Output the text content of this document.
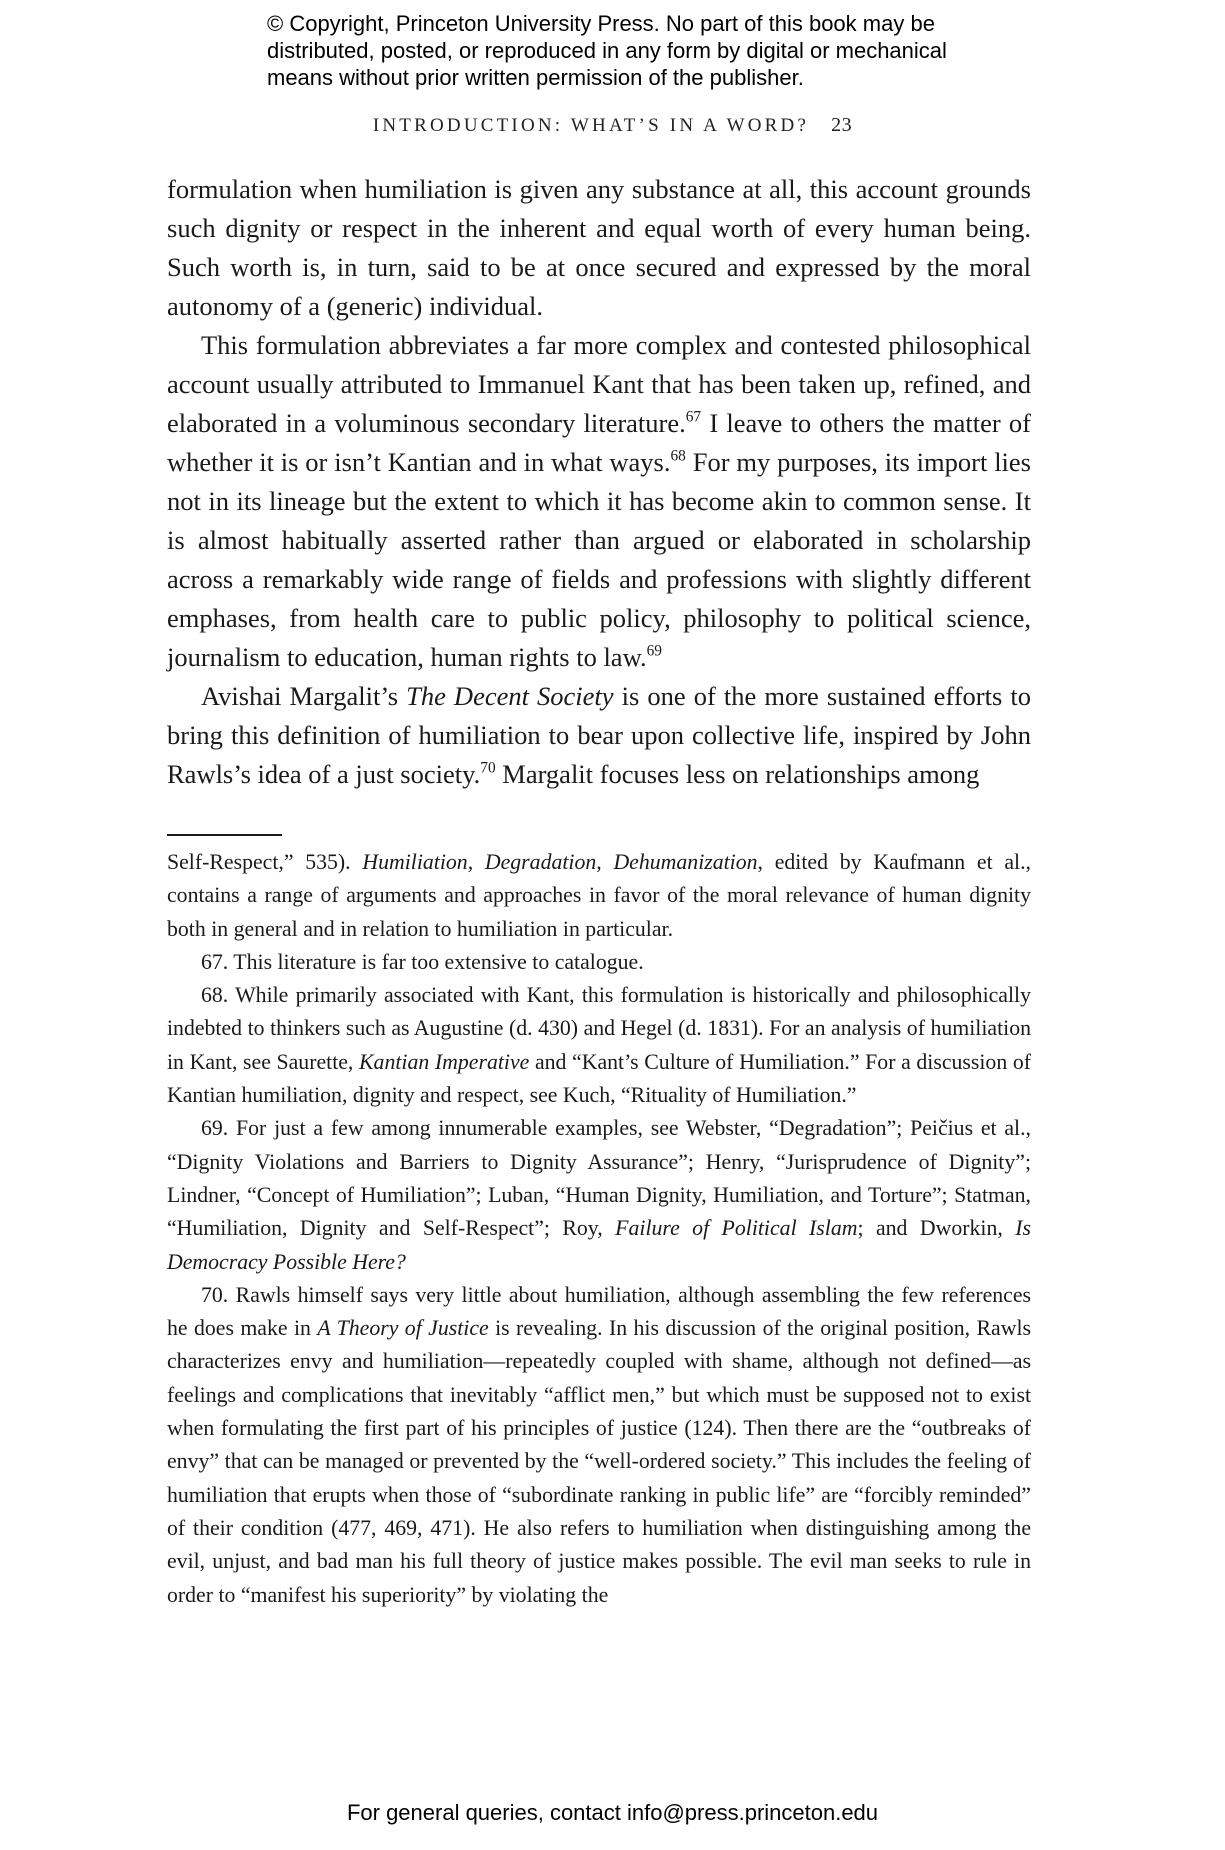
© Copyright, Princeton University Press. No part of this book may be
distributed, posted, or reproduced in any form by digital or mechanical
means without prior written permission of the publisher.
INTRODUCTION: WHAT’S IN A WORD? 23

formulation when humiliation is given any substance at all, this account grounds such dignity or respect in the inherent and equal worth of every human being. Such worth is, in turn, said to be at once secured and expressed by the moral autonomy of a (generic) individual.

This formulation abbreviates a far more complex and contested philosophical account usually attributed to Immanuel Kant that has been taken up, refined, and elaborated in a voluminous secondary literature.$^{67}$ I leave to others the matter of whether it is or isn’t Kantian and in what ways.$^{68}$ For my purposes, its import lies not in its lineage but the extent to which it has become akin to common sense. It is almost habitually asserted rather than argued or elaborated in scholarship across a remarkably wide range of fields and professions with slightly different emphases, from health care to public policy, philosophy to political science, journalism to education, human rights to law.$^{69}$

Avishai Margalit’s The Decent Society is one of the more sustained efforts to bring this definition of humiliation to bear upon collective life, inspired by John Rawls’s idea of a just society.$^{70}$ Margalit focuses less on relationships among

Self-Respect,” 535). Humiliation, Degradation, Dehumanization, edited by Kaufmann et al., contains a range of arguments and approaches in favor of the moral relevance of human dignity both in general and in relation to humiliation in particular.

67. This literature is far too extensive to catalogue.

68. While primarily associated with Kant, this formulation is historically and philosophically indebted to thinkers such as Augustine (d. 430) and Hegel (d. 1831). For an analysis of humiliation in Kant, see Saurette, Kantian Imperative and “Kant’s Culture of Humiliation.” For a discussion of Kantian humiliation, dignity and respect, see Kuch, “Rituality of Humiliation.”

69. For just a few among innumerable examples, see Webster, “Degradation”; Peičius et al., “Dignity Violations and Barriers to Dignity Assurance”; Henry, “Jurisprudence of Dignity”; Lindner, “Concept of Humiliation”; Luban, “Human Dignity, Humiliation, and Torture”; Statman, “Humiliation, Dignity and Self-Respect”; Roy, Failure of Political Islam; and Dworkin, Is Democracy Possible Here?

70. Rawls himself says very little about humiliation, although assembling the few references he does make in A Theory of Justice is revealing. In his discussion of the original position, Rawls characterizes envy and humiliation—repeatedly coupled with shame, although not defined—as feelings and complications that inevitably “afflict men,” but which must be supposed not to exist when formulating the first part of his principles of justice (124). Then there are the “outbreaks of envy” that can be managed or prevented by the “well-ordered society.” This includes the feeling of humiliation that erupts when those of “subordinate ranking in public life” are “forcibly reminded” of their condition (477, 469, 471). He also refers to humiliation when distinguishing among the evil, unjust, and bad man his full theory of justice makes possible. The evil man seeks to rule in order to “manifest his superiority” by violating the

For general queries, contact info@press.princeton.edu
